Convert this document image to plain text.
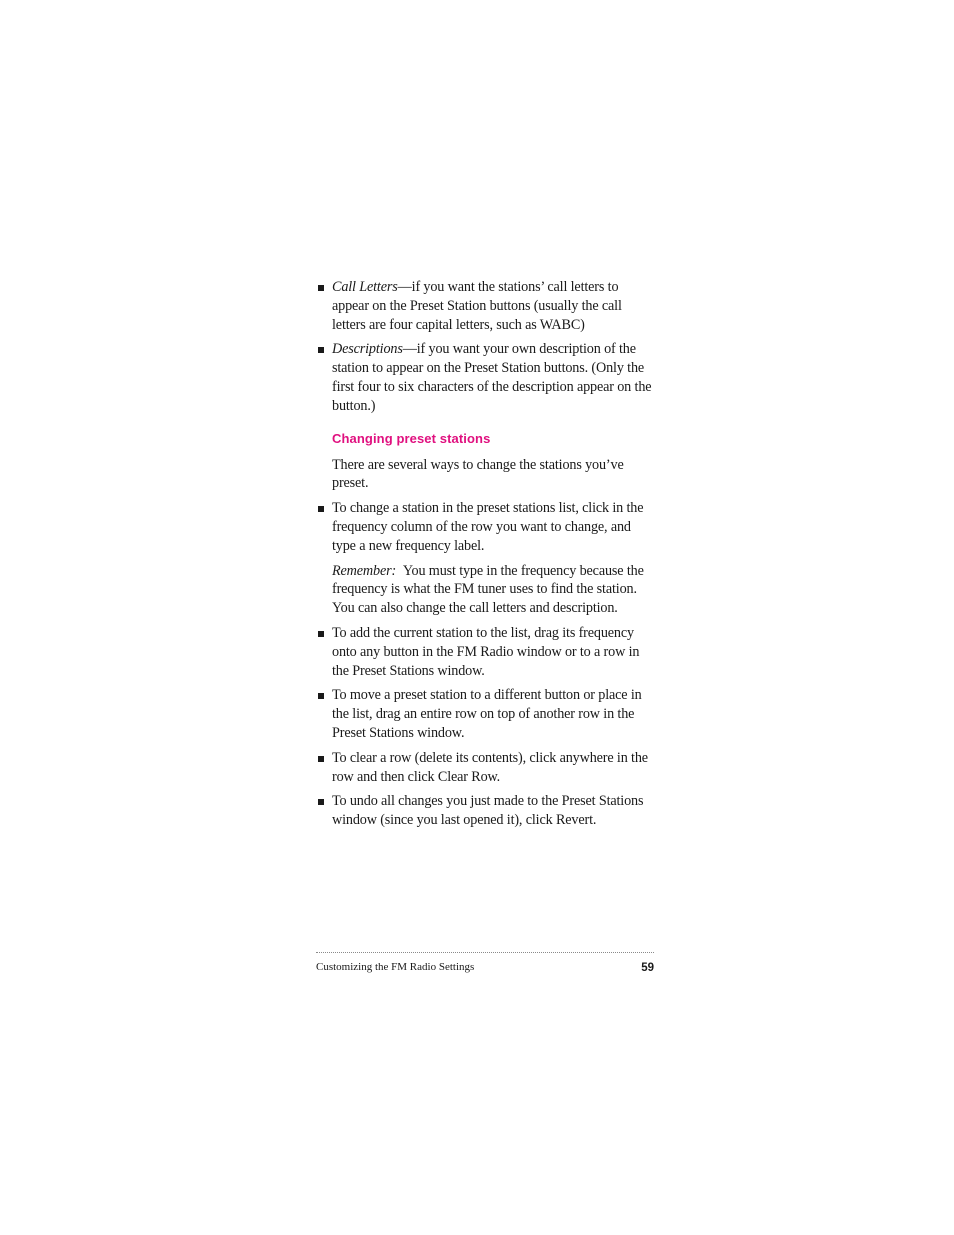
Call Letters—if you want the stations’ call letters to appear on the Preset Station buttons (usually the call letters are four capital letters, such as WABC)
Descriptions—if you want your own description of the station to appear on the Preset Station buttons. (Only the first four to six characters of the description appear on the button.)
Changing preset stations
There are several ways to change the stations you’ve preset.
To change a station in the preset stations list, click in the frequency column of the row you want to change, and type a new frequency label.
Remember: You must type in the frequency because the frequency is what the FM tuner uses to find the station. You can also change the call letters and description.
To add the current station to the list, drag its frequency onto any button in the FM Radio window or to a row in the Preset Stations window.
To move a preset station to a different button or place in the list, drag an entire row on top of another row in the Preset Stations window.
To clear a row (delete its contents), click anywhere in the row and then click Clear Row.
To undo all changes you just made to the Preset Stations window (since you last opened it), click Revert.
Customizing the FM Radio Settings	59
